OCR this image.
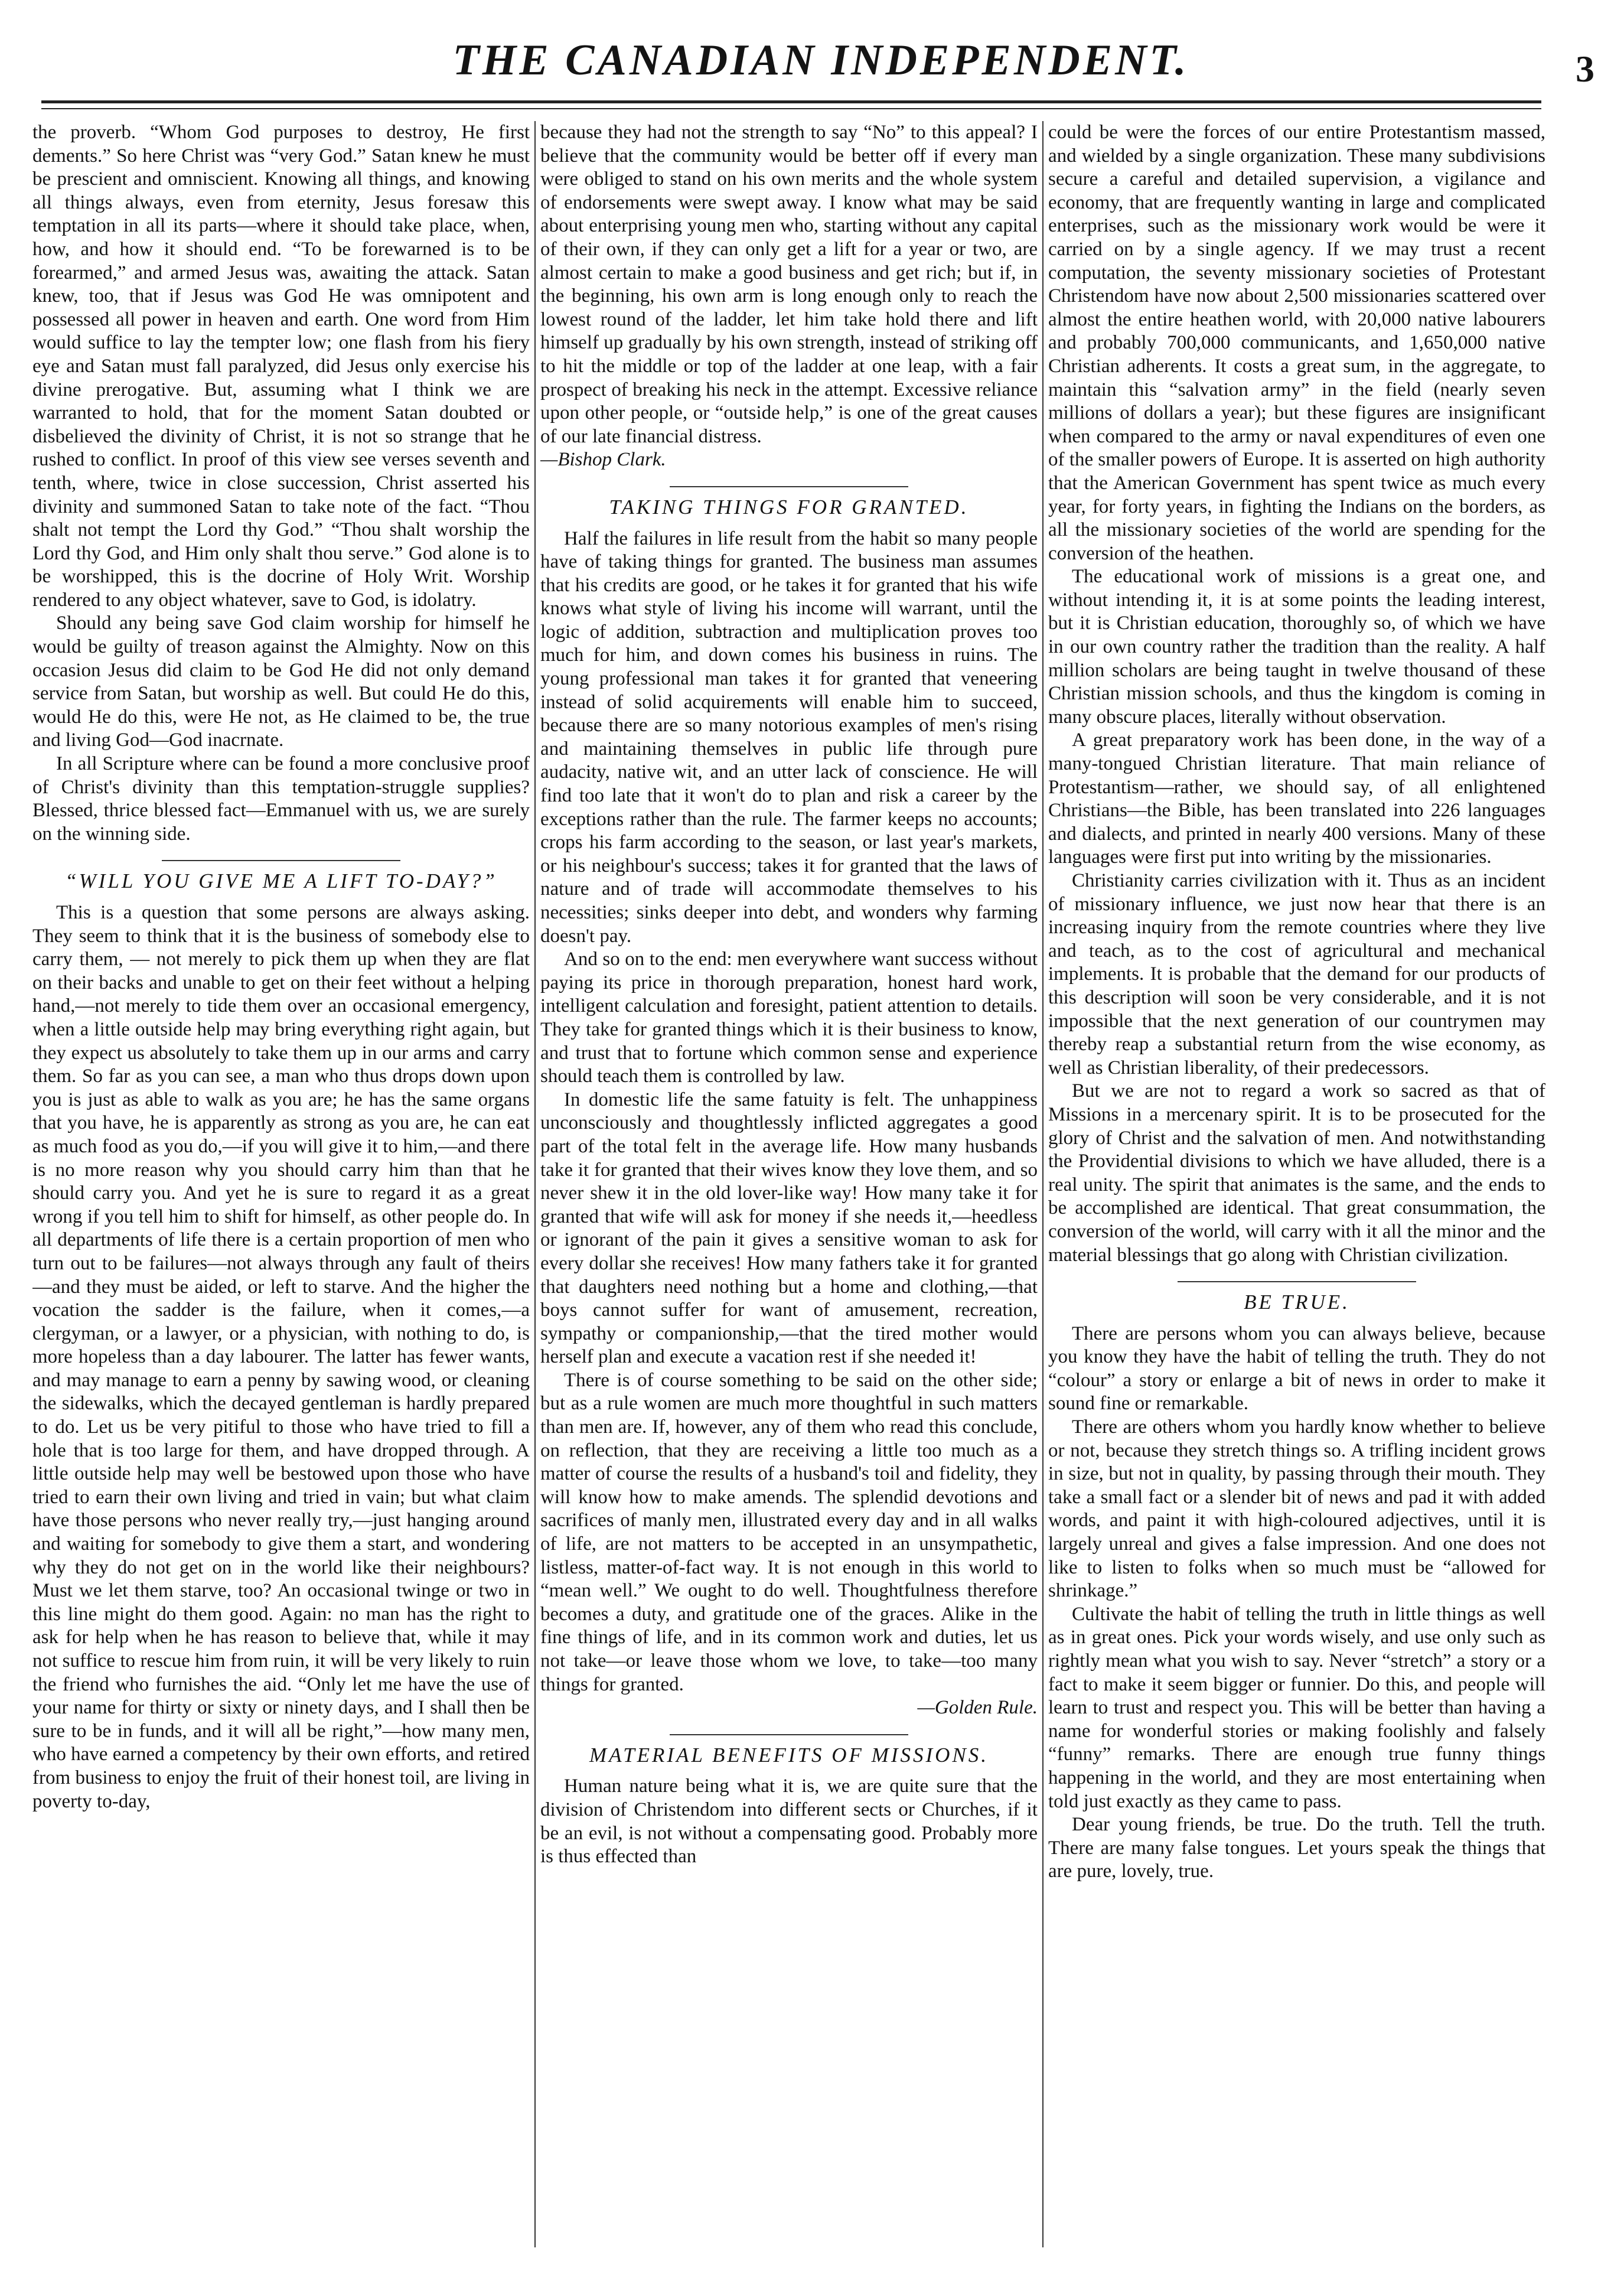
THE CANADIAN INDEPENDENT.	3

the proverb. “Whom God purposes to destroy, He first dements.” So here Christ was “very God.” Satan knew he must be prescient and omniscient. Knowing all things, and knowing all things always, even from eternity, Jesus foresaw this temptation in all its parts—where it should take place, when, how, and how it should end. “To be forewarned is to be forearmed,” and armed Jesus was, awaiting the attack. Satan knew, too, that if Jesus was God He was omnipotent and possessed all power in heaven and earth. One word from Him would suffice to lay the tempter low; one flash from his fiery eye and Satan must fall paralyzed, did Jesus only exercise his divine prerogative. But, assuming what I think we are warranted to hold, that for the moment Satan doubted or disbelieved the divinity of Christ, it is not so strange that he rushed to conflict. In proof of this view see verses seventh and tenth, where, twice in close succession, Christ asserted his divinity and summoned Satan to take note of the fact. “Thou shalt not tempt the Lord thy God.” “Thou shalt worship the Lord thy God, and Him only shalt thou serve.” God alone is to be worshipped, this is the docrine of Holy Writ. Worship rendered to any object whatever, save to God, is idolatry.

Should any being save God claim worship for himself he would be guilty of treason against the Almighty. Now on this occasion Jesus did claim to be God He did not only demand service from Satan, but worship as well. But could He do this, would He do this, were He not, as He claimed to be, the true and living God—God inacrnate.

In all Scripture where can be found a more conclusive proof of Christ's divinity than this temptation-struggle supplies? Blessed, thrice blessed fact—Emmanuel with us, we are surely on the winning side.

“WILL YOU GIVE ME A LIFT TO-DAY?”

This is a question that some persons are always asking. They seem to think that it is the business of somebody else to carry them, — not merely to pick them up when they are flat on their backs and unable to get on their feet without a helping hand,—not merely to tide them over an occasional emergency, when a little outside help may bring everything right again, but they expect us absolutely to take them up in our arms and carry them. So far as you can see, a man who thus drops down upon you is just as able to walk as you are; he has the same organs that you have, he is apparently as strong as you are, he can eat as much food as you do,—if you will give it to him,—and there is no more reason why you should carry him than that he should carry you. And yet he is sure to regard it as a great wrong if you tell him to shift for himself, as other people do. In all departments of life there is a certain proportion of men who turn out to be failures—not always through any fault of theirs—and they must be aided, or left to starve. And the higher the vocation the sadder is the failure, when it comes,—a clergyman, or a lawyer, or a physician, with nothing to do, is more hopeless than a day labourer. The latter has fewer wants, and may manage to earn a penny by sawing wood, or cleaning the sidewalks, which the decayed gentleman is hardly prepared to do. Let us be very pitiful to those who have tried to fill a hole that is too large for them, and have dropped through. A little outside help may well be bestowed upon those who have tried to earn their own living and tried in vain; but what claim have those persons who never really try,—just hanging around and waiting for somebody to give them a start, and wondering why they do not get on in the world like their neighbours? Must we let them starve, too? An occasional twinge or two in this line might do them good. Again: no man has the right to ask for help when he has reason to believe that, while it may not suffice to rescue him from ruin, it will be very likely to ruin the friend who furnishes the aid. “Only let me have the use of your name for thirty or sixty or ninety days, and I shall then be sure to be in funds, and it will all be right,”—how many men, who have earned a competency by their own efforts, and retired from business to enjoy the fruit of their honest toil, are living in poverty to-day,

because they had not the strength to say “No” to this appeal? I believe that the community would be better off if every man were obliged to stand on his own merits and the whole system of endorsements were swept away. I know what may be said about enterprising young men who, starting without any capital of their own, if they can only get a lift for a year or two, are almost certain to make a good business and get rich; but if, in the beginning, his own arm is long enough only to reach the lowest round of the ladder, let him take hold there and lift himself up gradually by his own strength, instead of striking off to hit the middle or top of the ladder at one leap, with a fair prospect of breaking his neck in the attempt. Excessive reliance upon other people, or “outside help,” is one of the great causes of our late financial distress.

—Bishop Clark.

TAKING THINGS FOR GRANTED.

Half the failures in life result from the habit so many people have of taking things for granted. The business man assumes that his credits are good, or he takes it for granted that his wife knows what style of living his income will warrant, until the logic of addition, subtraction and multiplication proves too much for him, and down comes his business in ruins. The young professional man takes it for granted that veneering instead of solid acquirements will enable him to succeed, because there are so many notorious examples of men's rising and maintaining themselves in public life through pure audacity, native wit, and an utter lack of conscience. He will find too late that it won't do to plan and risk a career by the exceptions rather than the rule. The farmer keeps no accounts; crops his farm according to the season, or last year's markets, or his neighbour's success; takes it for granted that the laws of nature and of trade will accommodate themselves to his necessities; sinks deeper into debt, and wonders why farming doesn't pay.

And so on to the end: men everywhere want success without paying its price in thorough preparation, honest hard work, intelligent calculation and foresight, patient attention to details. They take for granted things which it is their business to know, and trust that to fortune which common sense and experience should teach them is controlled by law.

In domestic life the same fatuity is felt. The unhappiness unconsciously and thoughtlessly inflicted aggregates a good part of the total felt in the average life. How many husbands take it for granted that their wives know they love them, and so never shew it in the old lover-like way! How many take it for granted that wife will ask for money if she needs it,—heedless or ignorant of the pain it gives a sensitive woman to ask for every dollar she receives! How many fathers take it for granted that daughters need nothing but a home and clothing,—that boys cannot suffer for want of amusement, recreation, sympathy or companionship,—that the tired mother would herself plan and execute a vacation rest if she needed it!

There is of course something to be said on the other side; but as a rule women are much more thoughtful in such matters than men are. If, however, any of them who read this conclude, on reflection, that they are receiving a little too much as a matter of course the results of a husband's toil and fidelity, they will know how to make amends. The splendid devotions and sacrifices of manly men, illustrated every day and in all walks of life, are not matters to be accepted in an unsympathetic, listless, matter-of-fact way. It is not enough in this world to “mean well.” We ought to do well. Thoughtfulness therefore becomes a duty, and gratitude one of the graces. Alike in the fine things of life, and in its common work and duties, let us not take—or leave those whom we love, to take—too many things for granted.

—Golden Rule.

MATERIAL BENEFITS OF MISSIONS.

Human nature being what it is, we are quite sure that the division of Christendom into different sects or Churches, if it be an evil, is not without a compensating good. Probably more is thus effected than

could be were the forces of our entire Protestantism massed, and wielded by a single organization. These many subdivisions secure a careful and detailed supervision, a vigilance and economy, that are frequently wanting in large and complicated enterprises, such as the missionary work would be were it carried on by a single agency. If we may trust a recent computation, the seventy missionary societies of Protestant Christendom have now about 2,500 missionaries scattered over almost the entire heathen world, with 20,000 native labourers and probably 700,000 communicants, and 1,650,000 native Christian adherents. It costs a great sum, in the aggregate, to maintain this “salvation army” in the field (nearly seven millions of dollars a year); but these figures are insignificant when compared to the army or naval expenditures of even one of the smaller powers of Europe. It is asserted on high authority that the American Government has spent twice as much every year, for forty years, in fighting the Indians on the borders, as all the missionary societies of the world are spending for the conversion of the heathen.

The educational work of missions is a great one, and without intending it, it is at some points the leading interest, but it is Christian education, thoroughly so, of which we have in our own country rather the tradition than the reality. A half million scholars are being taught in twelve thousand of these Christian mission schools, and thus the kingdom is coming in many obscure places, literally without observation.

A great preparatory work has been done, in the way of a many-tongued Christian literature. That main reliance of Protestantism—rather, we should say, of all enlightened Christians—the Bible, has been translated into 226 languages and dialects, and printed in nearly 400 versions. Many of these languages were first put into writing by the missionaries.

Christianity carries civilization with it. Thus as an incident of missionary influence, we just now hear that there is an increasing inquiry from the remote countries where they live and teach, as to the cost of agricultural and mechanical implements. It is probable that the demand for our products of this description will soon be very considerable, and it is not impossible that the next generation of our countrymen may thereby reap a substantial return from the wise economy, as well as Christian liberality, of their predecessors.

But we are not to regard a work so sacred as that of Missions in a mercenary spirit. It is to be prosecuted for the glory of Christ and the salvation of men. And notwithstanding the Providential divisions to which we have alluded, there is a real unity. The spirit that animates is the same, and the ends to be accomplished are identical. That great consummation, the conversion of the world, will carry with it all the minor and the material blessings that go along with Christian civilization.

BE TRUE.

There are persons whom you can always believe, because you know they have the habit of telling the truth. They do not “colour” a story or enlarge a bit of news in order to make it sound fine or remarkable.

There are others whom you hardly know whether to believe or not, because they stretch things so. A trifling incident grows in size, but not in quality, by passing through their mouth. They take a small fact or a slender bit of news and pad it with added words, and paint it with high-coloured adjectives, until it is largely unreal and gives a false impression. And one does not like to listen to folks when so much must be “allowed for shrinkage.”

Cultivate the habit of telling the truth in little things as well as in great ones. Pick your words wisely, and use only such as rightly mean what you wish to say. Never “stretch” a story or a fact to make it seem bigger or funnier. Do this, and people will learn to trust and respect you. This will be better than having a name for wonderful stories or making foolishly and falsely “funny” remarks. There are enough true funny things happening in the world, and they are most entertaining when told just exactly as they came to pass.

Dear young friends, be true. Do the truth. Tell the truth. There are many false tongues. Let yours speak the things that are pure, lovely, true.
